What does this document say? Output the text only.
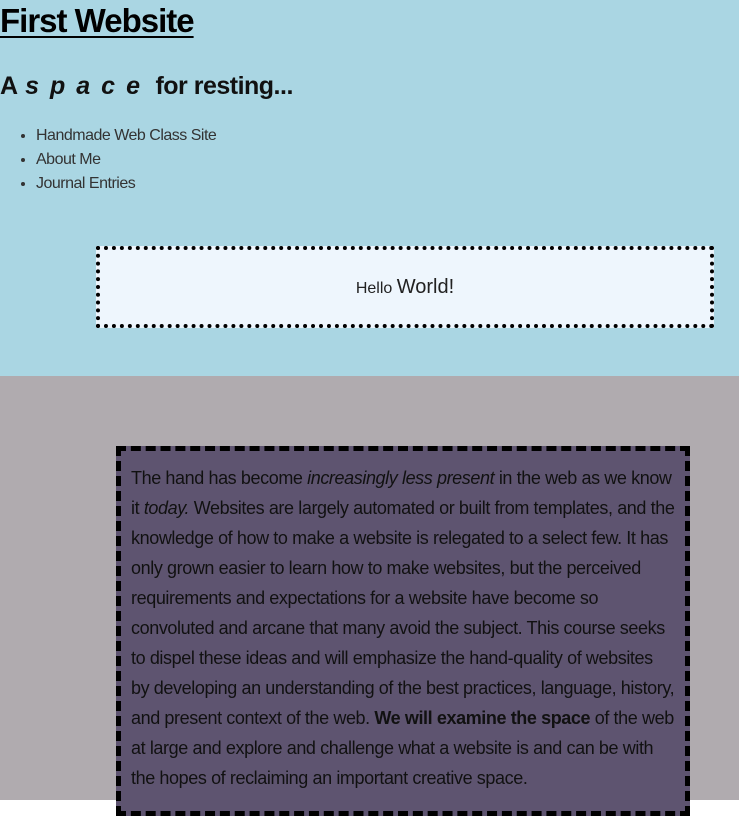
First Website
A space for resting...
• Handmade Web Class Site
• About Me
• Journal Entries
Hello World!

The hand has become increasingly less present in the web as we know it today. Websites are largely automated or built from templates, and the knowledge of how to make a website is relegated to a select few. It has only grown easier to learn how to make websites, but the perceived requirements and expectations for a website have become so convoluted and arcane that many avoid the subject. This course seeks to dispel these ideas and will emphasize the hand-quality of websites by developing an understanding of the best practices, language, history, and present context of the web. We will examine the space of the web at large and explore and challenge what a website is and can be with the hopes of reclaiming an important creative space.
